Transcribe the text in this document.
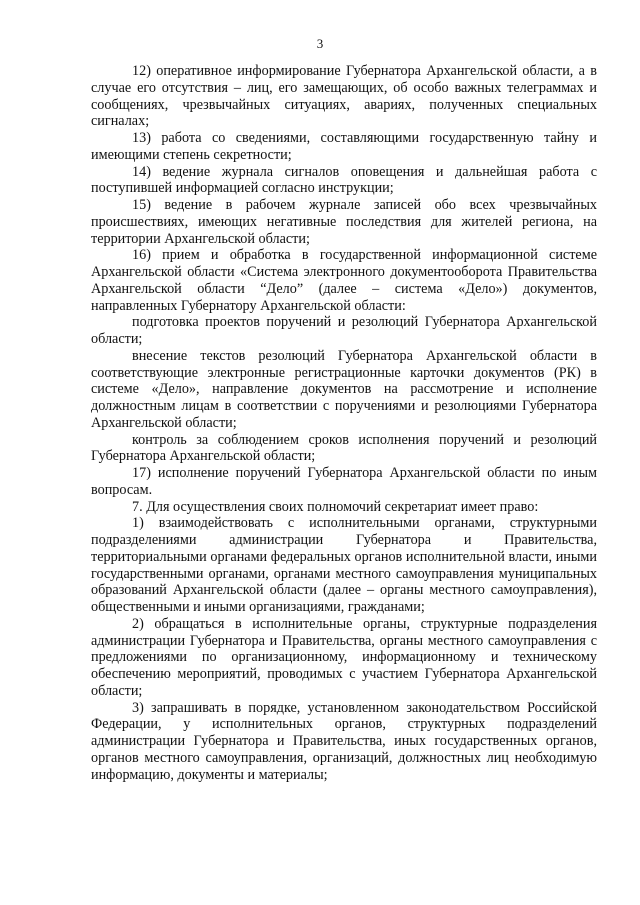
3

12) оперативное информирование Губернатора Архангельской области, а в случае его отсутствия – лиц, его замещающих, об особо важных телеграммах и сообщениях, чрезвычайных ситуациях, авариях, полученных специальных сигналах;

13) работа со сведениями, составляющими государственную тайну и имеющими степень секретности;

14) ведение журнала сигналов оповещения и дальнейшая работа с поступившей информацией согласно инструкции;

15) ведение в рабочем журнале записей обо всех чрезвычайных происшествиях, имеющих негативные последствия для жителей региона, на территории Архангельской области;

16) прием и обработка в государственной информационной системе Архангельской области «Система электронного документооборота Правительства Архангельской области “Дело” (далее – система «Дело») документов, направленных Губернатору Архангельской области:

подготовка проектов поручений и резолюций Губернатора Архангельской области;

внесение текстов резолюций Губернатора Архангельской области в соответствующие электронные регистрационные карточки документов (РК) в системе «Дело», направление документов на рассмотрение и исполнение должностным лицам в соответствии с поручениями и резолюциями Губернатора Архангельской области;

контроль за соблюдением сроков исполнения поручений и резолюций Губернатора Архангельской области;

17) исполнение поручений Губернатора Архангельской области по иным вопросам.

7. Для осуществления своих полномочий секретариат имеет право:

1) взаимодействовать с исполнительными органами, структурными подразделениями администрации Губернатора и Правительства, территориальными органами федеральных органов исполнительной власти, иными государственными органами, органами местного самоуправления муниципальных образований Архангельской области (далее – органы местного самоуправления), общественными и иными организациями, гражданами;

2) обращаться в исполнительные органы, структурные подразделения администрации Губернатора и Правительства, органы местного самоуправления с предложениями по организационному, информационному и техническому обеспечению мероприятий, проводимых с участием Губернатора Архангельской области;

3) запрашивать в порядке, установленном законодательством Российской Федерации, у исполнительных органов, структурных подразделений администрации Губернатора и Правительства, иных государственных органов, органов местного самоуправления, организаций, должностных лиц необходимую информацию, документы и материалы;
